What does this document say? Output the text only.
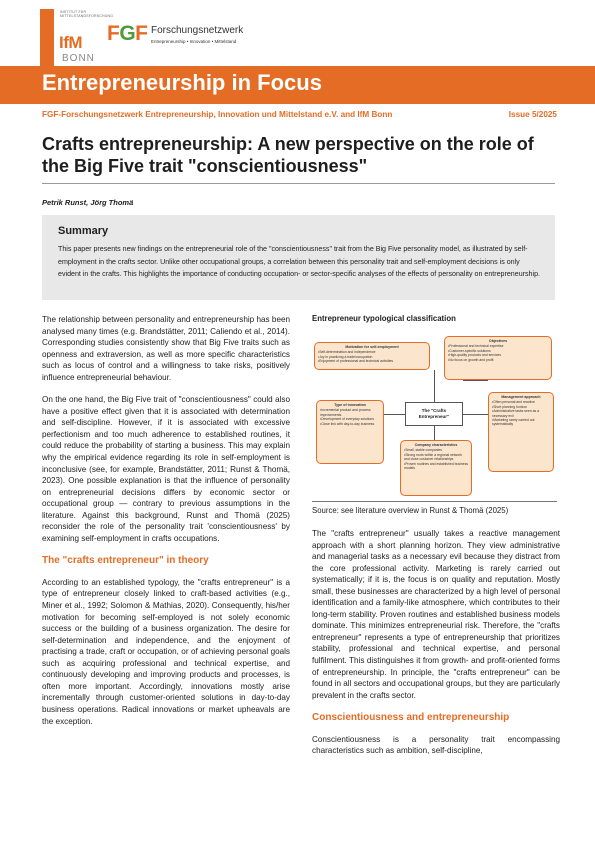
INSTITUT FÜR MITTELSTANDSFORSCHUNG
IfM
BONN
FGF Forschungsnetzwerk
Entrepreneurship • Innovation • Mittelstand
Entrepreneurship in Focus
FGF-Forschungsnetzwerk Entrepreneurship, Innovation und Mittelstand e.V. and IfM Bonn	Issue 5/2025
Crafts entrepreneurship: A new perspective on the role of the Big Five trait "conscientiousness"
Petrik Runst, Jörg Thomä
Summary
This paper presents new findings on the entrepreneurial role of the "conscientiousness" trait from the Big Five personality model, as illustrated by self-employment in the crafts sector. Unlike other occupational groups, a correlation between this personality trait and self-employment decisions is only evident in the crafts. This highlights the importance of conducting occupation- or sector-specific analyses of the effects of personality on entrepreneurship.

The relationship between personality and entrepreneurship has been analysed many times (e.g. Brandstätter, 2011; Caliendo et al., 2014). Corresponding studies consistently show that Big Five traits such as openness and extraversion, as well as more specific characteristics such as locus of control and a willingness to take risks, positively influence entrepreneurial behaviour.

On the one hand, the Big Five trait of "conscientiousness" could also have a positive effect given that it is associated with determination and self-discipline. However, if it is associated with excessive perfectionism and too much adherence to established routines, it could reduce the probability of starting a business. This may explain why the empirical evidence regarding its role in self-employment is inconclusive (see, for example, Brandstätter, 2011; Runst & Thomä, 2023). One possible explanation is that the influence of personality on entrepreneurial decisions differs by economic sector or occupational group — contrary to previous assumptions in the literature. Against this background, Runst and Thomä (2025) reconsider the role of the personality trait 'conscientiousness' by examining self-employment in crafts occupations.

The "crafts entrepreneur" in theory

According to an established typology, the "crafts entrepreneur" is a type of entrepreneur closely linked to craft-based activities (e.g., Miner et al., 1992; Solomon & Mathias, 2020). Consequently, his/her motivation for becoming self-employed is not solely economic success or the building of a business organization. The desire for self-determination and independence, and the enjoyment of practising a trade, craft or occupation, or of achieving personal goals such as acquiring professional and technical expertise, and continuously developing and improving products and processes, is often more important. Accordingly, innovations mostly arise incrementally through customer-oriented solutions in day-to-day business operations. Radical innovations or market upheavals are the exception.

Entrepreneur typological classification
Motivation for self-employment
• Self-determination and independence
• Joy in practicing a trade/occupation
• Enjoyment of professional and technical activities
Objectives
• Professional and technical expertise
• Customer-specific solutions
• High-quality products and services
• No focus on growth and profit
Type of innovation
• Incremental product and process improvements
• Development of everyday solutions
• Close link with day-to-day business
The "Crafts Entrepreneur"
Company characteristics
• Small, stable companies
• Strong roots within a regional network and close customer relationships
• Proven routines and established business models
Management approach
• Often personal and reactive
• Short planning horizon
• Administrative tasks seen as a necessary evil
• Marketing rarely carried out systematically
Source: see literature overview in Runst & Thomä (2025)

The "crafts entrepreneur" usually takes a reactive management approach with a short planning horizon. They view administrative and managerial tasks as a necessary evil because they distract from the core professional activity. Marketing is rarely carried out systematically; if it is, the focus is on quality and reputation. Mostly small, these businesses are characterized by a high level of personal identification and a family-like atmosphere, which contributes to their long-term stability. Proven routines and established business models dominate. This minimizes entrepreneurial risk. Therefore, the "crafts entrepreneur" represents a type of entrepreneurship that prioritizes stability, professional and technical expertise, and personal fulfilment. This distinguishes it from growth- and profit-oriented forms of entrepreneurship. In principle, the "crafts entrepreneur" can be found in all sectors and occupational groups, but they are particularly prevalent in the crafts sector.

Conscientiousness and entrepreneurship

Conscientiousness is a personality trait encompassing characteristics such as ambition, self-discipline,
